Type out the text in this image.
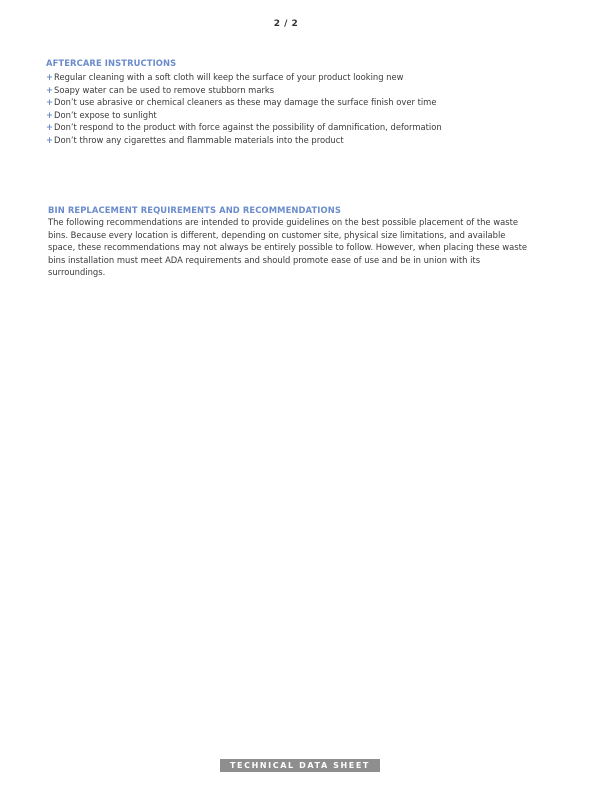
2 / 2
AFTERCARE INSTRUCTIONS
+Regular cleaning with a soft cloth will keep the surface of your product looking new
+Soapy water can be used to remove stubborn marks
+Don’t use abrasive or chemical cleaners as these may damage the surface finish over time
+Don’t expose to sunlight
+Don’t respond to the product with force against the possibility of damnification, deformation
+Don’t throw any cigarettes and flammable materials into the product
BIN REPLACEMENT REQUIREMENTS AND RECOMMENDATIONS

The following recommendations are intended to provide guidelines on the best possible placement of the waste
bins. Because every location is different, depending on customer site, physical size limitations, and available
space, these recommendations may not always be entirely possible to follow. However, when placing these waste
bins installation must meet ADA requirements and should promote ease of use and be in union with its
surroundings.

TECHNICAL DATA SHEET
